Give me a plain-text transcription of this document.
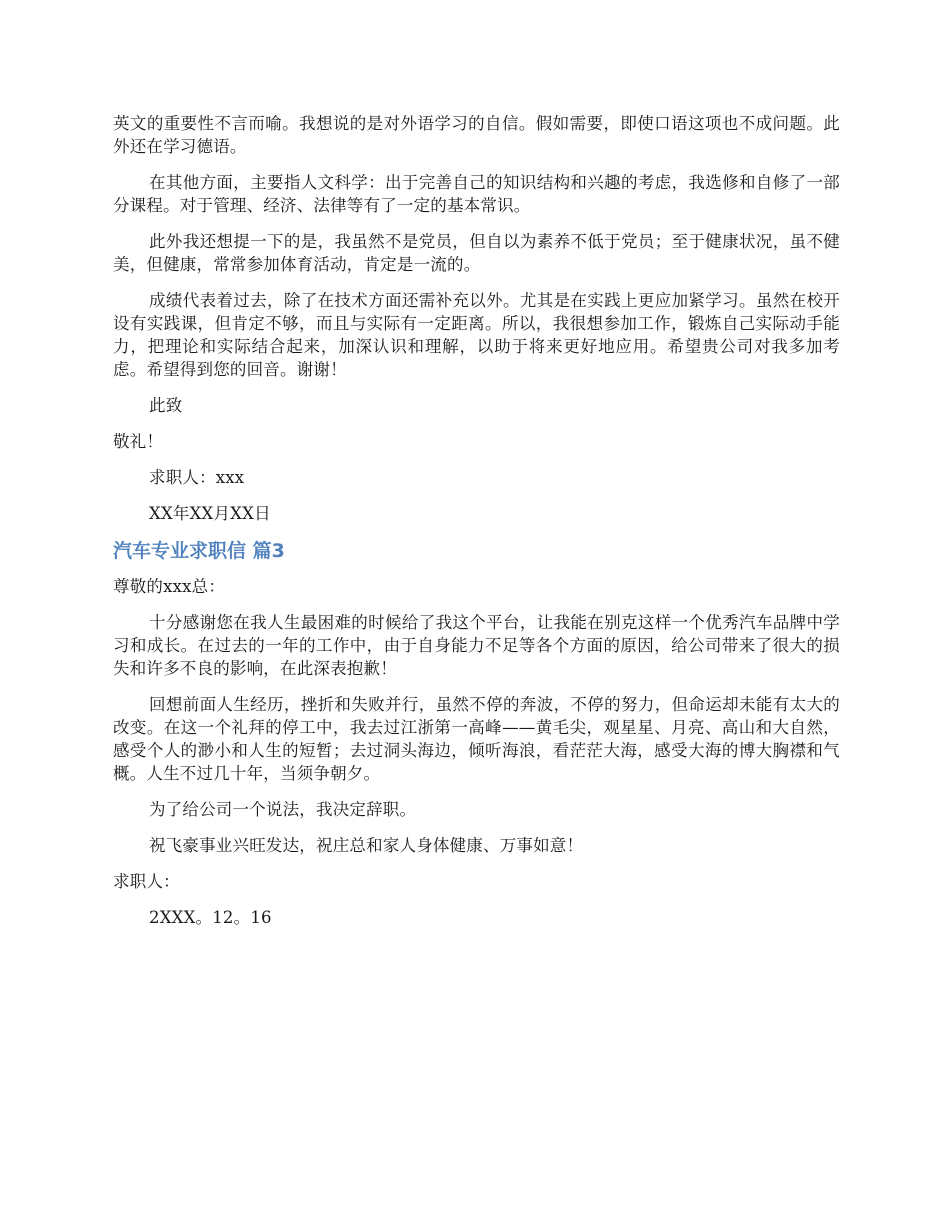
英文的重要性不言而喻。我想说的是对外语学习的自信。假如需要，即使口语这项也不成问题。此外还在学习德语。

在其他方面，主要指人文科学：出于完善自己的知识结构和兴趣的考虑，我选修和自修了一部分课程。对于管理、经济、法律等有了一定的基本常识。

此外我还想提一下的是，我虽然不是党员，但自以为素养不低于党员；至于健康状况，虽不健美，但健康，常常参加体育活动，肯定是一流的。

成绩代表着过去，除了在技术方面还需补充以外。尤其是在实践上更应加紧学习。虽然在校开设有实践课，但肯定不够，而且与实际有一定距离。所以，我很想参加工作，锻炼自己实际动手能力，把理论和实际结合起来，加深认识和理解，以助于将来更好地应用。希望贵公司对我多加考虑。希望得到您的回音。谢谢！

此致

敬礼！

求职人：xxx

XX年XX月XX日

汽车专业求职信 篇3

尊敬的xxx总：

十分感谢您在我人生最困难的时候给了我这个平台，让我能在别克这样一个优秀汽车品牌中学习和成长。在过去的一年的工作中，由于自身能力不足等各个方面的原因，给公司带来了很大的损失和许多不良的影响，在此深表抱歉！

回想前面人生经历，挫折和失败并行，虽然不停的奔波，不停的努力，但命运却未能有太大的改变。在这一个礼拜的停工中，我去过江浙第一高峰——黄毛尖，观星星、月亮、高山和大自然，感受个人的渺小和人生的短暂；去过洞头海边，倾听海浪，看茫茫大海，感受大海的博大胸襟和气概。人生不过几十年，当须争朝夕。

为了给公司一个说法，我决定辞职。

祝飞豪事业兴旺发达，祝庄总和家人身体健康、万事如意！

求职人：

2XXX。12。16
